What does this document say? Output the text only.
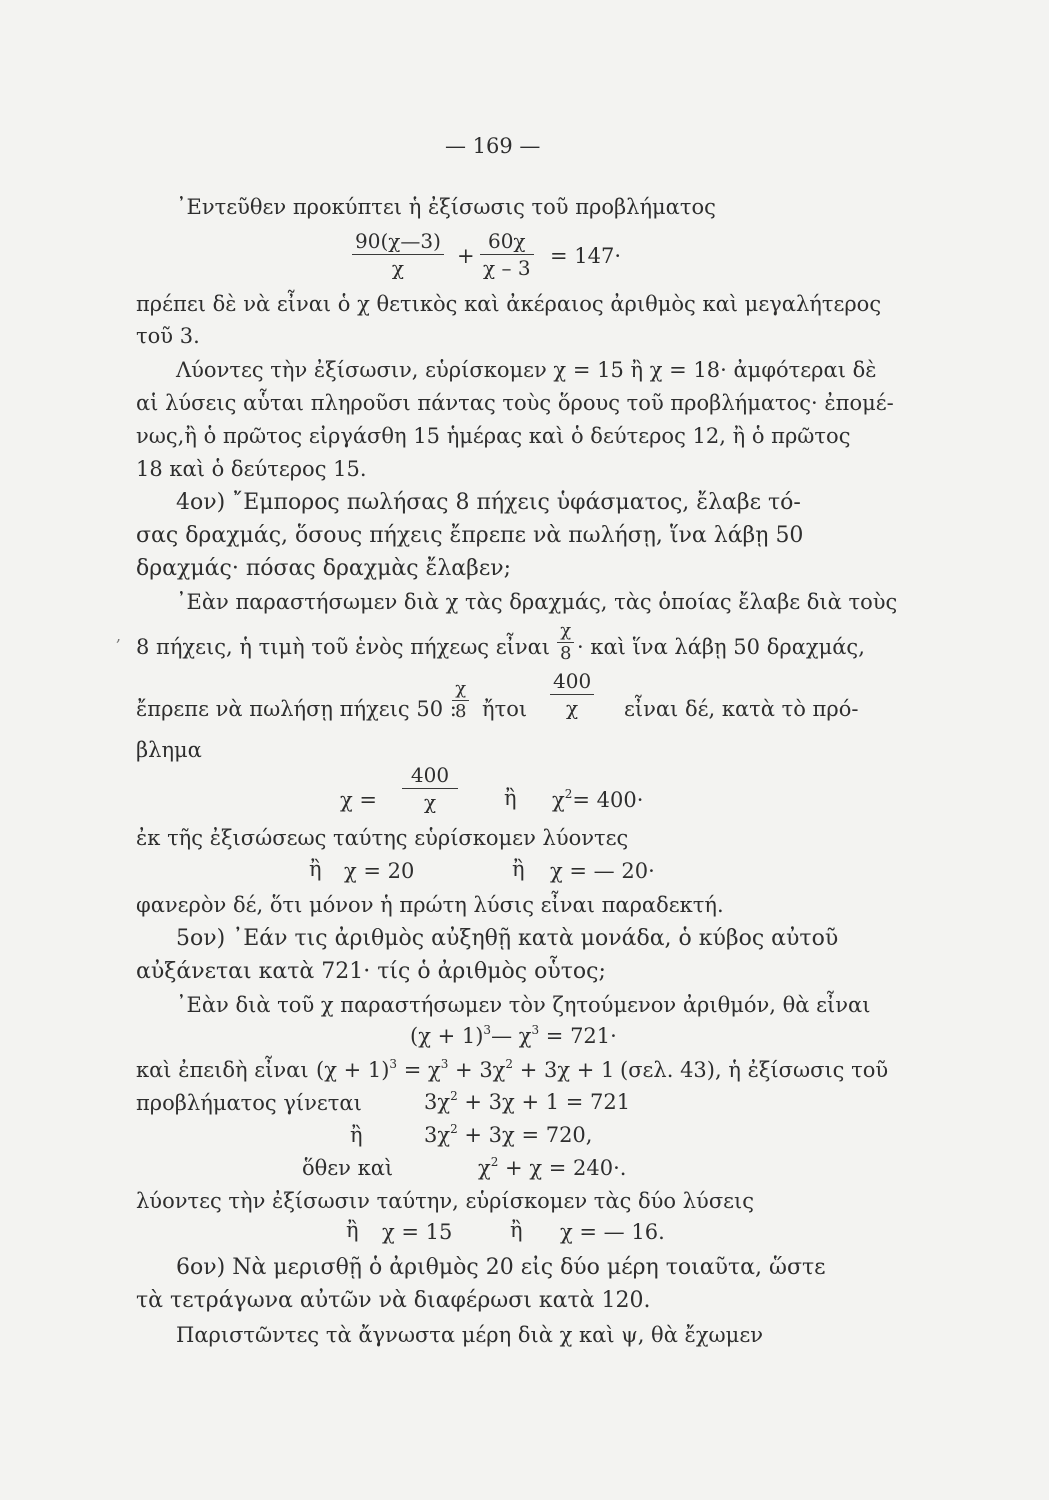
— 169 —
᾿Εντεῦθεν προκύπτει ἡ ἐξίσωσις τοῦ προβλήματος
90(χ—3)
χ	+
60χ
χ – 3 = 147·
πρέπει δὲ νὰ εἶναι ὁ χ θετικὸς καὶ ἀκέραιος ἀριθμὸς καὶ μεγαλήτερος
τοῦ 3.
Λύοντες τὴν ἐξίσωσιν, εὑρίσκομεν χ = 15 ἢ χ = 18· ἀμφότεραι δὲ
αἱ λύσεις αὗται πληροῦσι πάντας τοὺς ὅρους τοῦ προβλήματος· ἐπομέ-
νως,ἢ ὁ πρῶτος εἰργάσθη 15 ἡμέρας καὶ ὁ δεύτερος 12, ἢ ὁ πρῶτος
18 καὶ ὁ δεύτερος 15.
4ον) ῎Εμπορος πωλήσας 8 πήχεις ὑφάσματος, ἔλαβε τό-
σας δραχμάς, ὅσους πήχεις ἔπρεπε νὰ πωλήσῃ, ἵνα λάβῃ 50
δραχμάς· πόσας δραχμὰς ἔλαβεν;
᾿Εὰν παραστήσωμεν διὰ χ τὰς δραχμάς, τὰς ὁποίας ἔλαβε διὰ τοὺς
, 8 πήχεις, ἡ τιμὴ τοῦ ἑνὸς πήχεως εἶναι
χ
8 · καὶ ἵνα λάβῃ 50 δραχμάς,
ἔπρεπε νὰ πωλήσῃ πήχεις 50 :
χ
8 ἤτοι
400
χ εἶναι δέ, κατὰ τὸ πρό-
βλημα
χ =
400
χ	ἢ $\chi^2= 400\cdot$
ἐκ τῆς ἐξισώσεως ταύτης εὑρίσκομεν λύοντες
ἢ χ = 20	ἢ χ = — 20·
φανερὸν δέ, ὅτι μόνον ἡ πρώτη λύσις εἶναι παραδεκτή.
5ον) ᾿Εάν τις ἀριθμὸς αὐξηθῇ κατὰ μονάδα, ὁ κύβος αὐτοῦ
αὐξάνεται κατὰ 721· τίς ὁ ἀριθμὸς οὗτος;
᾿Εὰν διὰ τοῦ χ παραστήσωμεν τὸν ζητούμενον ἀριθμόν, θὰ εἶναι
$(\chi + 1)^3—$ $\chi^3 = 721\cdot$
καὶ ἐπειδὴ εἶναι $(\chi + 1)^3 = \chi^3 + 3\chi^2 + 3\chi + 1$ (σελ. 43), ἡ ἐξίσωσις τοῦ
προβλήματος γίνεται	$3\chi^2 + 3\chi + 1 = 721$
ἢ	$3\chi^2 + 3\chi = 720$,
ὅθεν καὶ	$\chi^2 + \chi = 240\cdot$.
λύοντες τὴν ἐξίσωσιν ταύτην, εὑρίσκομεν τὰς δύο λύσεις
ἢ χ = 15	ἢ χ = — 16.
6ον) Νὰ μερισθῇ ὁ ἀριθμὸς 20 εἰς δύο μέρη τοιαῦτα, ὥστε
τὰ τετράγωνα αὐτῶν νὰ διαφέρωσι κατὰ 120.
Παριστῶντες τὰ ἄγνωστα μέρη διὰ χ καὶ ψ, θὰ ἔχωμεν
